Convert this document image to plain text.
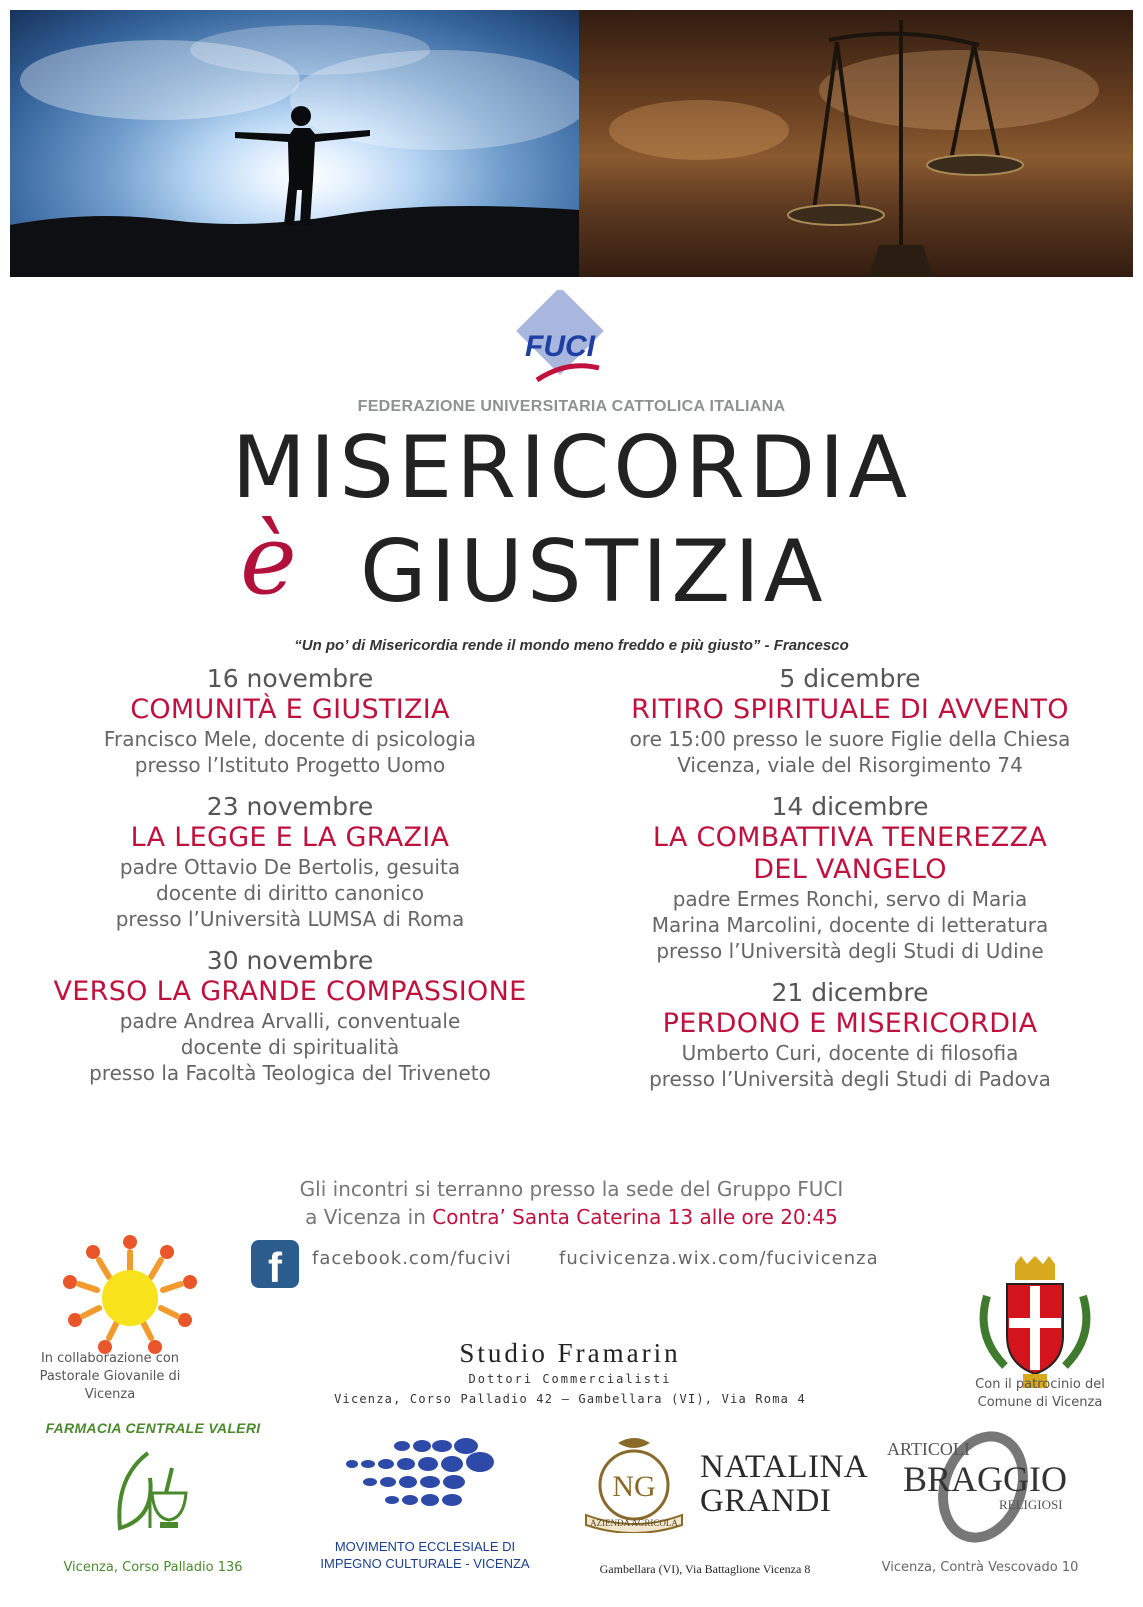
FUCI
FEDERAZIONE UNIVERSITARIA CATTOLICA ITALIANA
MISERICORDIA
è GIUSTIZIA
“Un po’ di Misericordia rende il mondo meno freddo e più giusto” - Francesco
16 novembre
COMUNITÀ E GIUSTIZIA
Francisco Mele, docente di psicologia
presso l’Istituto Progetto Uomo
23 novembre
LA LEGGE E LA GRAZIA
padre Ottavio De Bertolis, gesuita
docente di diritto canonico
presso l’Università LUMSA di Roma
30 novembre
VERSO LA GRANDE COMPASSIONE
padre Andrea Arvalli, conventuale
docente di spiritualità
presso la Facoltà Teologica del Triveneto
5 dicembre
RITIRO SPIRITUALE DI AVVENTO
ore 15:00 presso le suore Figlie della Chiesa
Vicenza, viale del Risorgimento 74
14 dicembre
LA COMBATTIVA TENEREZZA
DEL VANGELO
padre Ermes Ronchi, servo di Maria
Marina Marcolini, docente di letteratura
presso l’Università degli Studi di Udine
21 dicembre
PERDONO E MISERICORDIA
Umberto Curi, docente di filosofia
presso l’Università degli Studi di Padova
Gli incontri si terranno presso la sede del Gruppo FUCI
a Vicenza in Contra’ Santa Caterina 13 alle ore 20:45
f	facebook.com/fucivi	fucivicenza.wix.com/fucivicenza
In collaborazione con
Pastorale Giovanile di
Vicenza
Con il patrocinio del
Comune di Vicenza
Studio Framarin
Dottori Commercialisti
Vicenza, Corso Palladio 42 – Gambellara (VI), Via Roma 4
FARMACIA CENTRALE VALERI
Vicenza, Corso Palladio 136
MOVIMENTO ECCLESIALE DI
IMPEGNO CULTURALE - VICENZA
NG
AZIENDA AGRICOLA
NATALINA
GRANDI
Gambellara (VI), Via Battaglione Vicenza 8
ARTICOLI
BRAGGIO
RELIGIOSI
Vicenza, Contrà Vescovado 10
